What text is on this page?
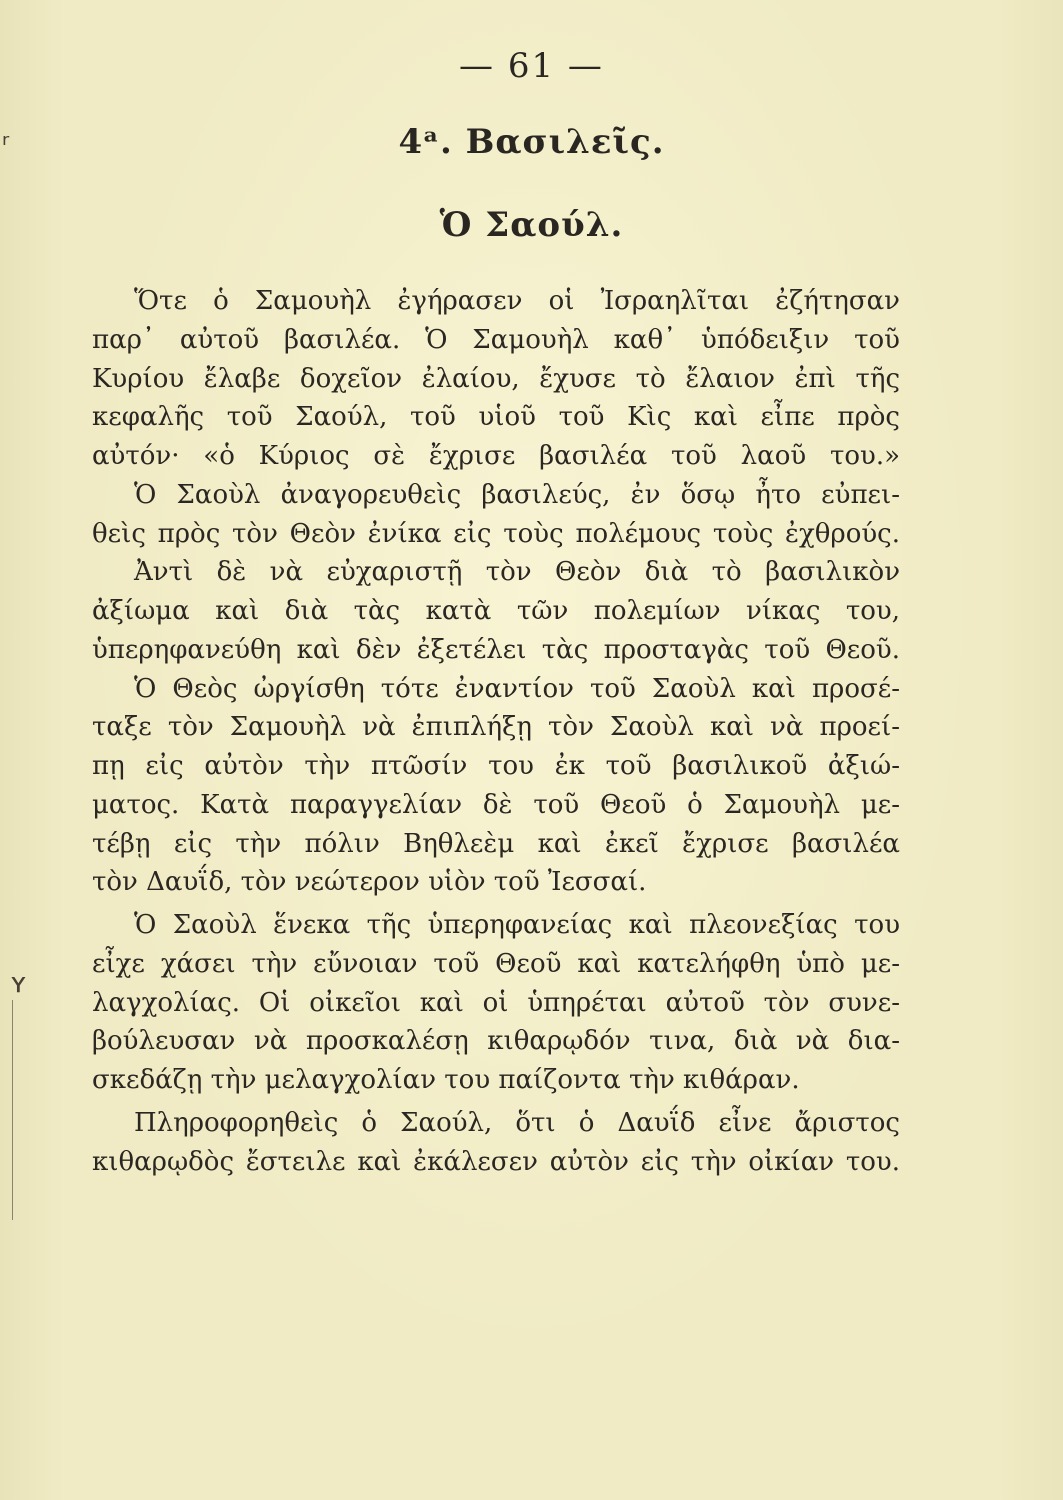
— 61 —
4ᵃ. Βασιλεῖς.
Ὁ Σαούλ.
ʳ
ʏ
Ὅτε ὁ Σαμουὴλ ἐγήρασεν οἱ Ἰσραηλῖται ἐζήτησαν
παρ᾽ αὐτοῦ βασιλέα. Ὁ Σαμουὴλ καθ᾽ ὑπόδειξιν τοῦ
Κυρίου ἔλαβε δοχεῖον ἐλαίου, ἔχυσε τὸ ἔλαιον ἐπὶ τῆς
κεφαλῆς τοῦ Σαούλ, τοῦ υἱοῦ τοῦ Κὶς καὶ εἶπε πρὸς
αὐτόν· «ὁ Κύριος σὲ ἔχρισε βασιλέα τοῦ λαοῦ του.»
Ὁ Σαοὺλ ἀναγορευθεὶς βασιλεύς, ἐν ὅσῳ ἦτο εὐπει-
θεὶς πρὸς τὸν Θεὸν ἐνίκα εἰς τοὺς πολέμους τοὺς ἐχθρούς.
Ἀντὶ δὲ νὰ εὐχαριστῇ τὸν Θεὸν διὰ τὸ βασιλικὸν
ἀξίωμα καὶ διὰ τὰς κατὰ τῶν πολεμίων νίκας του,
ὑπερηφανεύθη καὶ δὲν ἐξετέλει τὰς προσταγὰς τοῦ Θεοῦ.
Ὁ Θεὸς ὠργίσθη τότε ἐναντίον τοῦ Σαοὺλ καὶ προσέ-
ταξε τὸν Σαμουὴλ νὰ ἐπιπλήξῃ τὸν Σαοὺλ καὶ νὰ προεί-
πῃ εἰς αὐτὸν τὴν πτῶσίν του ἐκ τοῦ βασιλικοῦ ἀξιώ-
ματος. Κατὰ παραγγελίαν δὲ τοῦ Θεοῦ ὁ Σαμουὴλ με-
τέβῃ εἰς τὴν πόλιν Βηθλεὲμ καὶ ἐκεῖ ἔχρισε βασιλέα
τὸν Δαυΐδ, τὸν νεώτερον υἱὸν τοῦ Ἰεσσαί.
Ὁ Σαοὺλ ἕνεκα τῆς ὑπερηφανείας καὶ πλεονεξίας του
εἶχε χάσει τὴν εὔνοιαν τοῦ Θεοῦ καὶ κατελήφθη ὑπὸ με-
λαγχολίας. Οἱ οἰκεῖοι καὶ οἱ ὑπηρέται αὐτοῦ τὸν συνε-
βούλευσαν νὰ προσκαλέσῃ κιθαρῳδόν τινα, διὰ νὰ δια-
σκεδάζῃ τὴν μελαγχολίαν του παίζοντα τὴν κιθάραν.
Πληροφορηθεὶς ὁ Σαούλ, ὅτι ὁ Δαυΐδ εἶνε ἄριστος
κιθαρῳδὸς ἔστειλε καὶ ἐκάλεσεν αὐτὸν εἰς τὴν οἰκίαν του.
